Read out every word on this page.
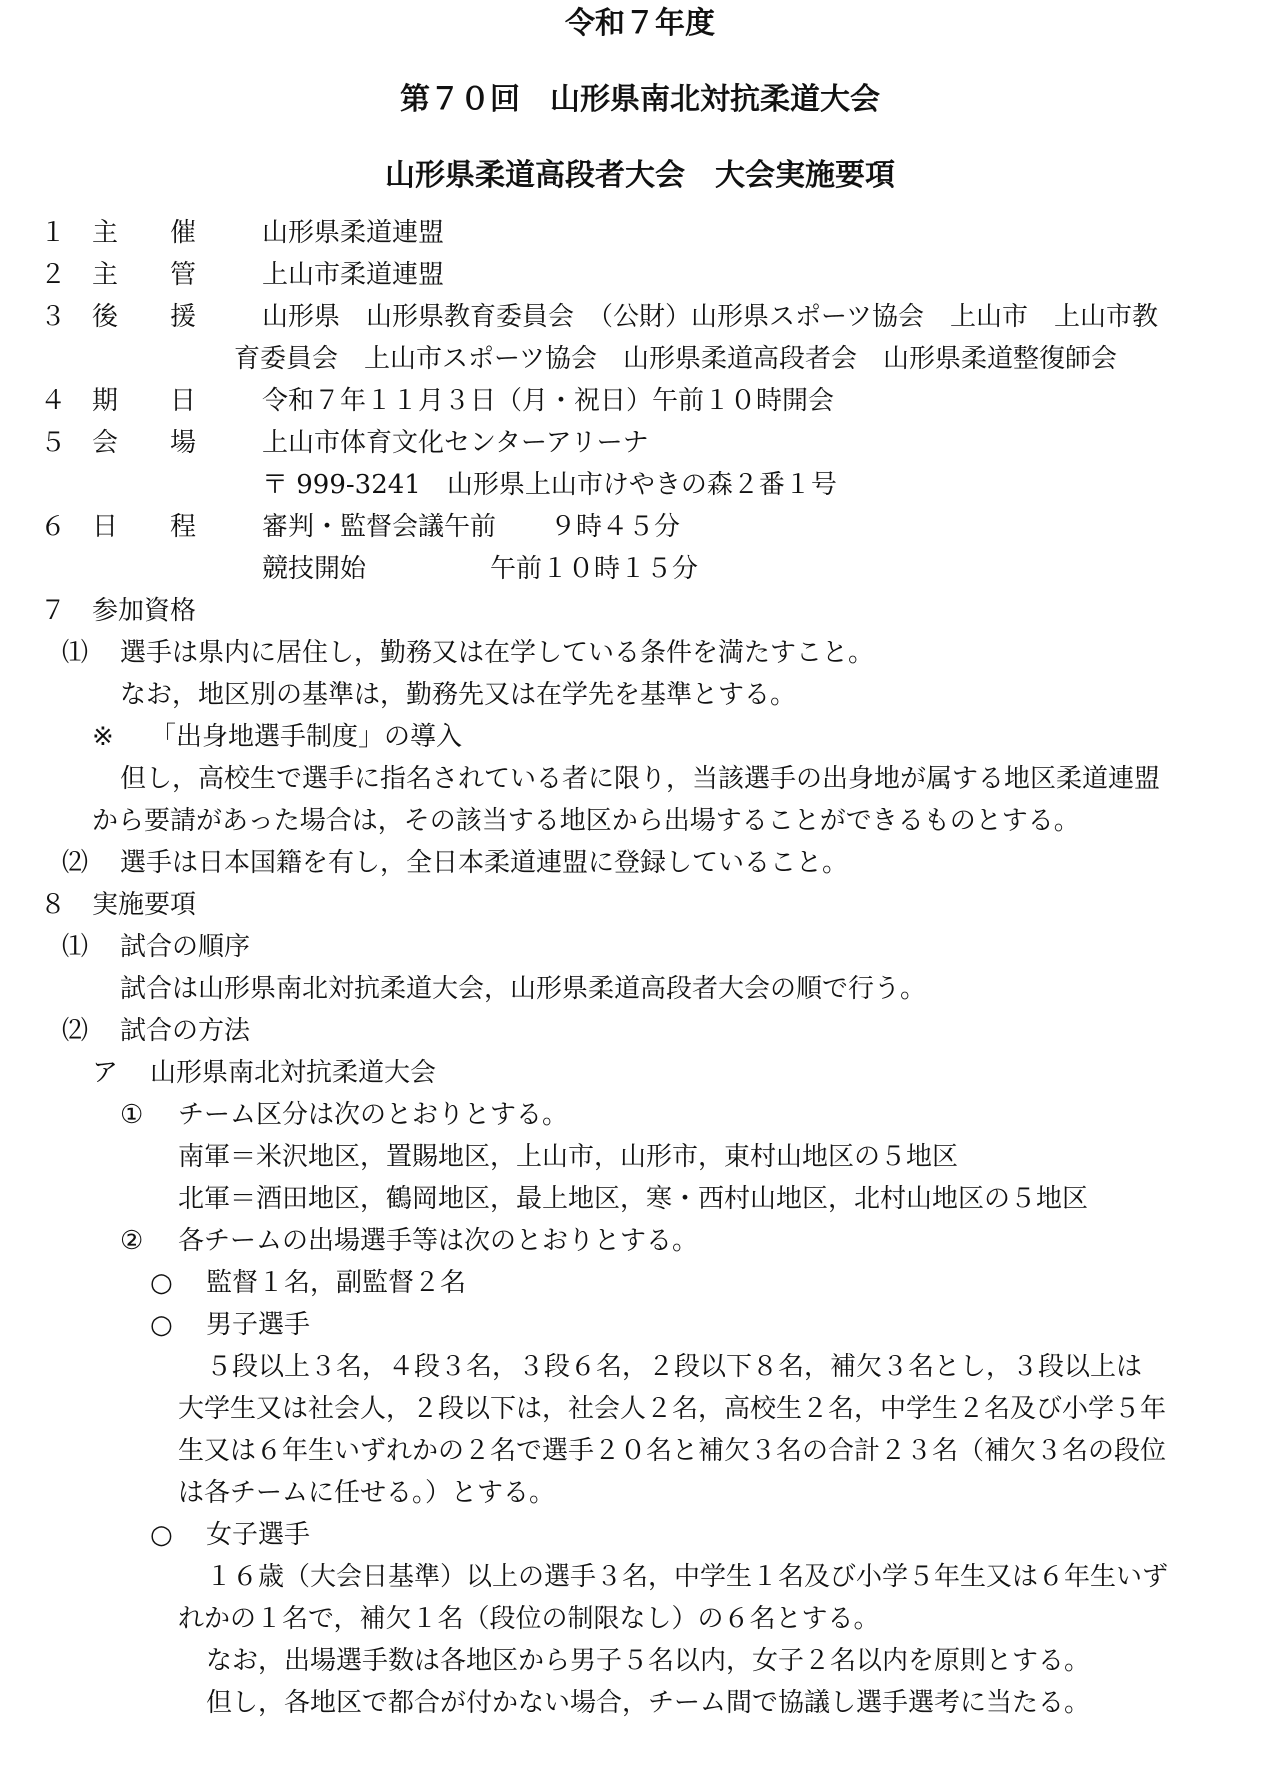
令和７年度
第７０回　山形県南北対抗柔道大会
山形県柔道高段者大会　大会実施要項
１ 主　　催	山形県柔道連盟
２ 主　　管	上山市柔道連盟
３ 後　　援	山形県　山形県教育委員会　（公財）山形県スポーツ協会　上山市　上山市教
育委員会　上山市スポーツ協会　山形県柔道高段者会　山形県柔道整復師会
４ 期　　日	令和７年１１月３日（月・祝日）午前１０時開会
５ 会　　場	上山市体育文化センターアリーナ
〒 999-3241　山形県上山市けやきの森２番１号
６ 日　　程	審判・監督会議午前 ９時４５分
競技開始	午前１０時１５分
７ 参加資格
⑴ 選手は県内に居住し，勤務又は在学している条件を満たすこと。
なお，地区別の基準は，勤務先又は在学先を基準とする。
※ 「出身地選手制度」の導入
但し，高校生で選手に指名されている者に限り，当該選手の出身地が属する地区柔道連盟
から要請があった場合は，その該当する地区から出場することができるものとする。
⑵ 選手は日本国籍を有し，全日本柔道連盟に登録していること。
８ 実施要項
⑴ 試合の順序
試合は山形県南北対抗柔道大会，山形県柔道高段者大会の順で行う。
⑵ 試合の方法
ア 山形県南北対抗柔道大会
① チーム区分は次のとおりとする。
南軍＝米沢地区，置賜地区，上山市，山形市，東村山地区の５地区
北軍＝酒田地区，鶴岡地区，最上地区，寒・西村山地区，北村山地区の５地区
② 各チームの出場選手等は次のとおりとする。
○ 監督１名，副監督２名
○ 男子選手
５段以上３名，４段３名，３段６名，２段以下８名，補欠３名とし，３段以上は
大学生又は社会人，２段以下は，社会人２名，高校生２名，中学生２名及び小学５年
生又は６年生いずれかの２名で選手２０名と補欠３名の合計２３名（補欠３名の段位
は各チームに任せる。）とする。
○ 女子選手
１６歳（大会日基準）以上の選手３名，中学生１名及び小学５年生又は６年生いず
れかの１名で，補欠１名（段位の制限なし）の６名とする。
なお，出場選手数は各地区から男子５名以内，女子２名以内を原則とする。
但し，各地区で都合が付かない場合，チーム間で協議し選手選考に当たる。
